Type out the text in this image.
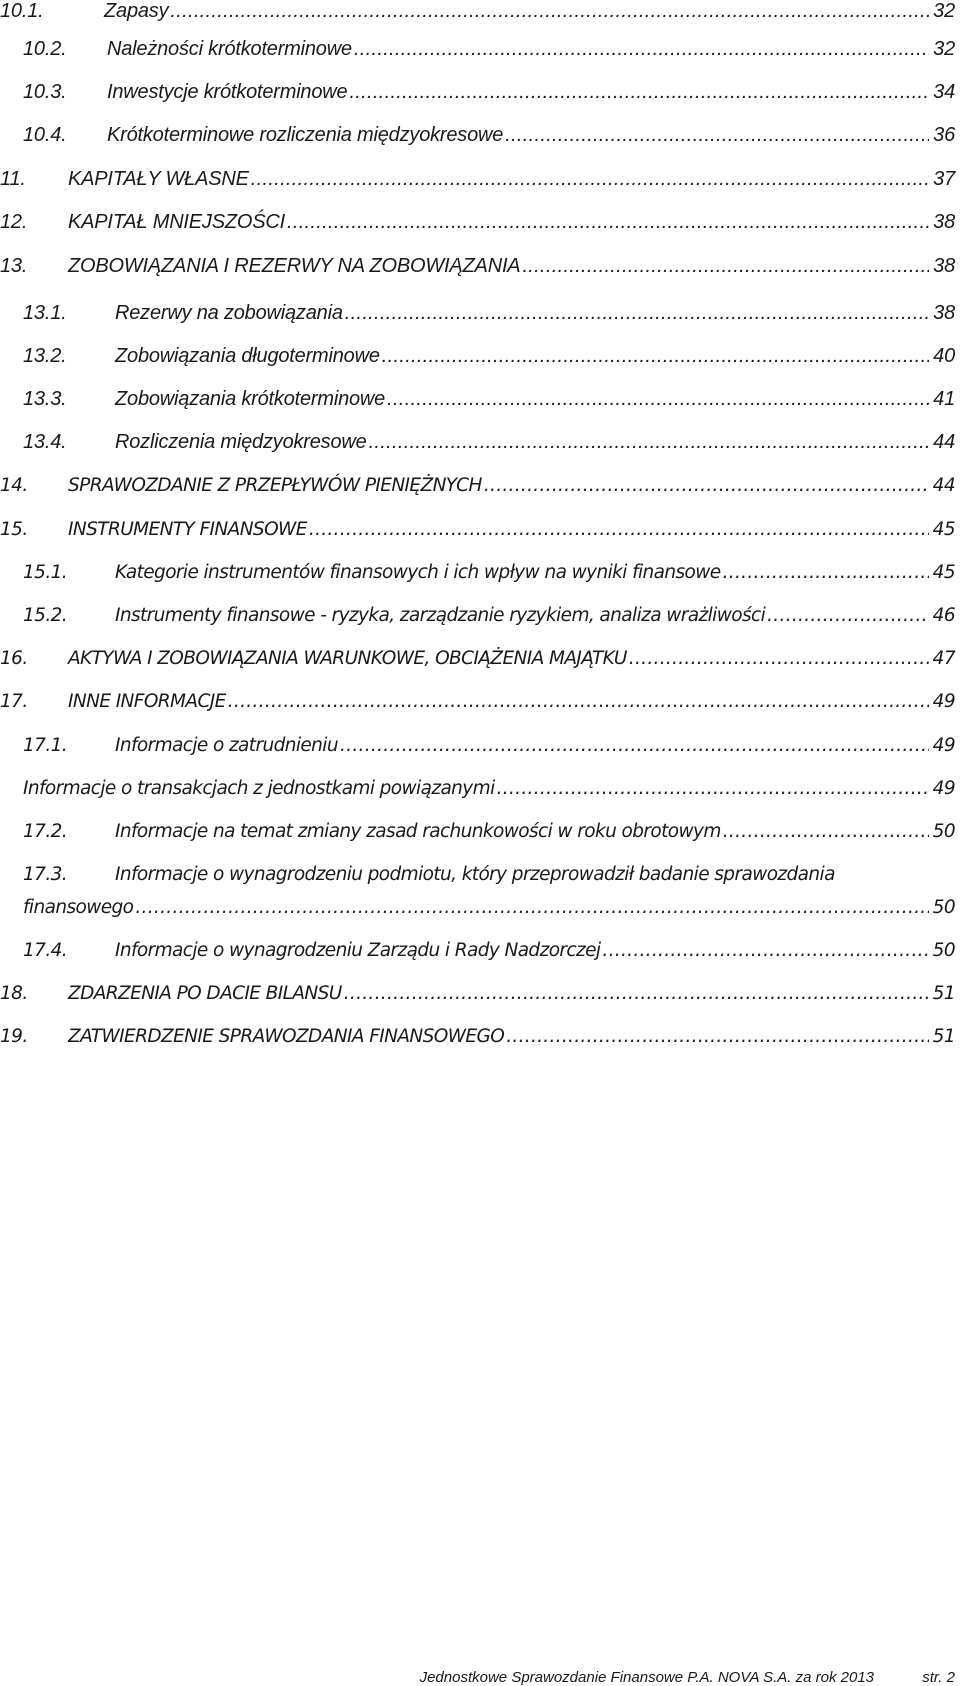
10.1.	Zapasy .....	32
10.2.	Należności krótkoterminowe .....	32
10.3.	Inwestycje krótkoterminowe .....	34
10.4.	Krótkoterminowe rozliczenia międzyokresowe .....	36
11.	KAPITAŁY WŁASNE .....	37
12.	KAPITAŁ MNIEJSZOŚCI .....	38
13.	ZOBOWIĄZANIA I REZERWY NA ZOBOWIĄZANIA .....	38
13.1.	Rezerwy na zobowiązania .....	38
13.2.	Zobowiązania długoterminowe .....	40
13.3.	Zobowiązania krótkoterminowe .....	41
13.4.	Rozliczenia międzyokresowe .....	44
14.	SPRAWOZDANIE Z PRZEPŁYWÓW PIENIĘŻNYCH .....	44
15.	INSTRUMENTY FINANSOWE .....	45
15.1.	Kategorie instrumentów finansowych i ich wpływ na wyniki finansowe .....	45
15.2.	Instrumenty finansowe - ryzyka, zarządzanie ryzykiem, analiza wrażliwości .....	46
16.	AKTYWA I ZOBOWIĄZANIA WARUNKOWE, OBCIĄŻENIA MAJĄTKU .....	47
17.	INNE INFORMACJE .....	49
17.1.	Informacje o zatrudnieniu .....	49
Informacje o transakcjach z jednostkami powiązanymi .....	49
17.2.	Informacje na temat zmiany zasad rachunkowości w roku obrotowym .....	50
17.3.	Informacje o wynagrodzeniu podmiotu, który przeprowadził badanie sprawozdania
finansowego .....	50
17.4.	Informacje o wynagrodzeniu Zarządu i Rady Nadzorczej .....	50
18.	ZDARZENIA PO DACIE BILANSU .....	51
19.	ZATWIERDZENIE SPRAWOZDANIA FINANSOWEGO .....	51
Jednostkowe Sprawozdanie Finansowe P.A. NOVA S.A. za rok 2013	str. 2
